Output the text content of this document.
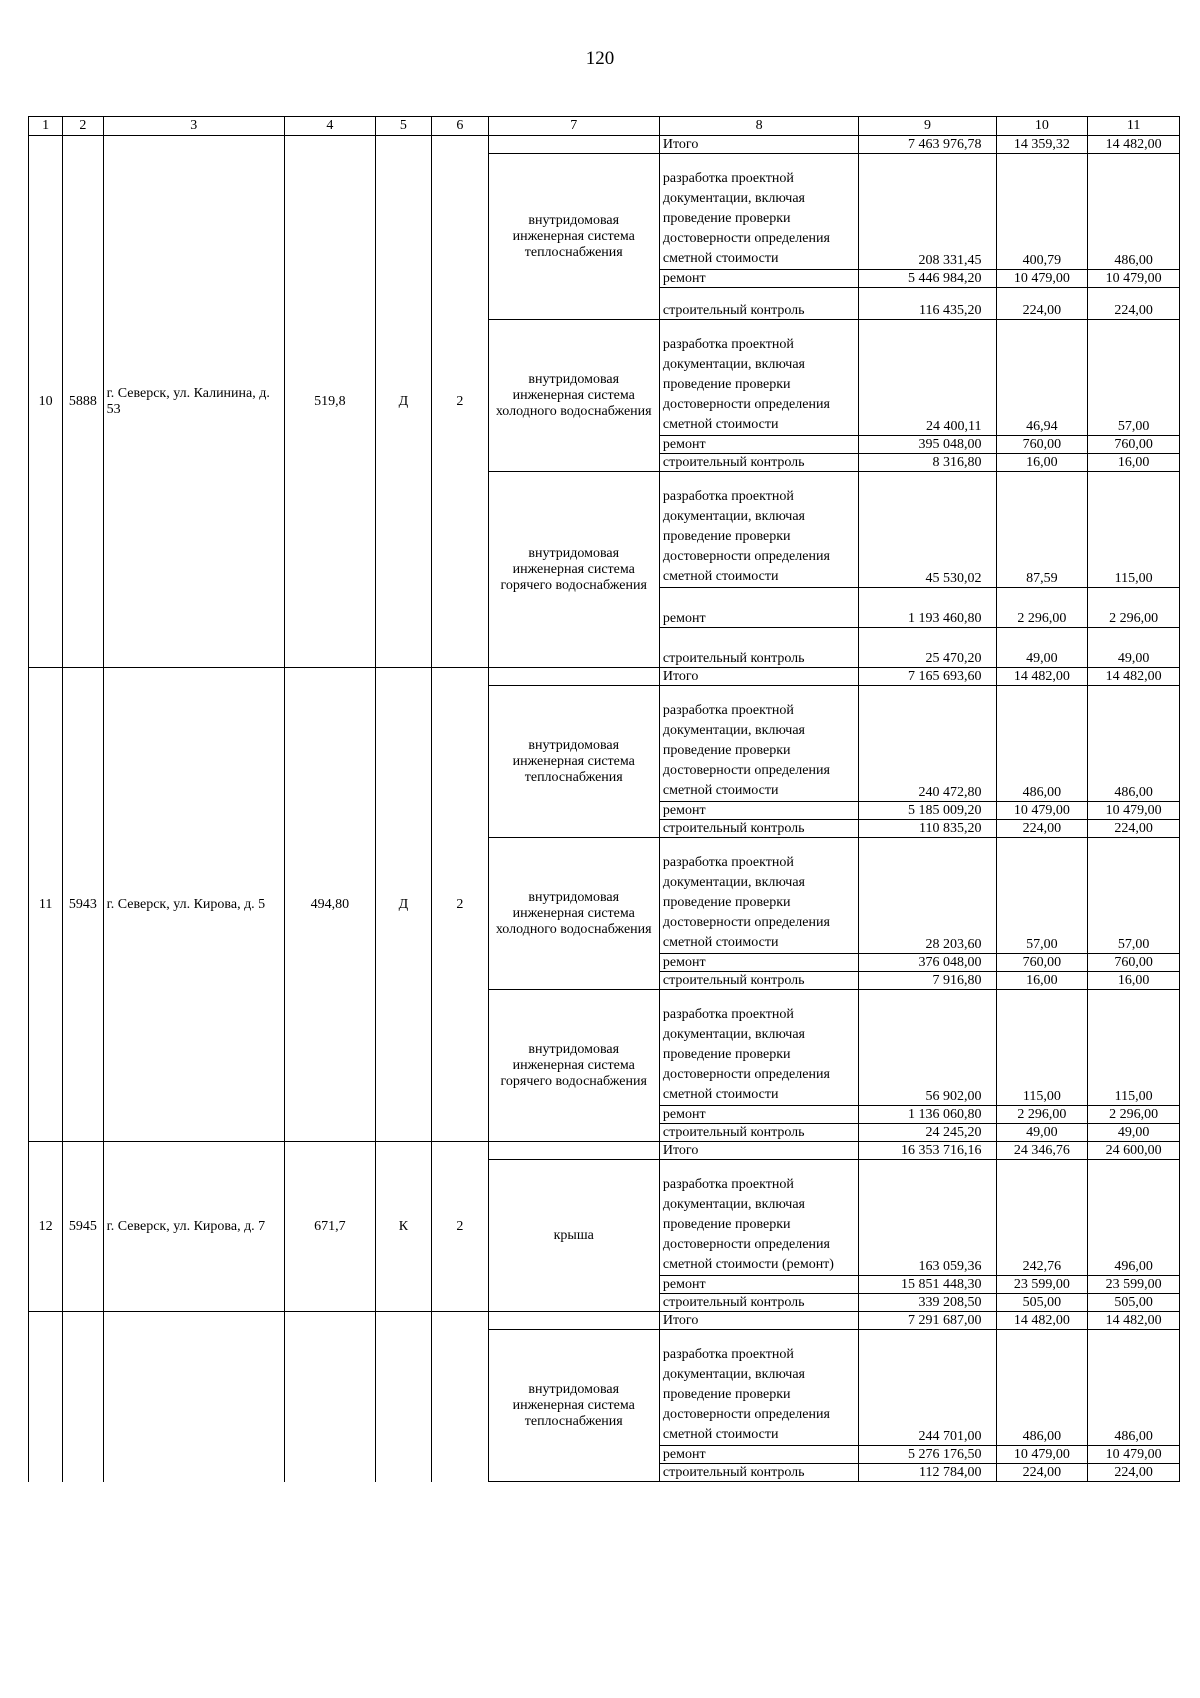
120
1	2	3	4	5	6	7	8	9	10	11
10	5888	г. Северск, ул. Калинина, д. 53	519,8	Д	2		Итого	7 463 976,78	14 359,32	14 482,00
						внутридомовая инженерная система теплоснабжения	разработка проектной документации, включая проведение проверки достоверности определения сметной стоимости	208 331,45	400,79	486,00
							ремонт	5 446 984,20	10 479,00	10 479,00
							строительный контроль	116 435,20	224,00	224,00
						внутридомовая инженерная система холодного водоснабжения	разработка проектной документации, включая проведение проверки достоверности определения сметной стоимости	24 400,11	46,94	57,00
							ремонт	395 048,00	760,00	760,00
							строительный контроль	8 316,80	16,00	16,00
						внутридомовая инженерная система горячего водоснабжения	разработка проектной документации, включая проведение проверки достоверности определения сметной стоимости	45 530,02	87,59	115,00
							ремонт	1 193 460,80	2 296,00	2 296,00
							строительный контроль	25 470,20	49,00	49,00
11	5943	г. Северск, ул. Кирова, д. 5	494,80	Д	2		Итого	7 165 693,60	14 482,00	14 482,00
						внутридомовая инженерная система теплоснабжения	разработка проектной документации, включая проведение проверки достоверности определения сметной стоимости	240 472,80	486,00	486,00
							ремонт	5 185 009,20	10 479,00	10 479,00
							строительный контроль	110 835,20	224,00	224,00
						внутридомовая инженерная система холодного водоснабжения	разработка проектной документации, включая проведение проверки достоверности определения сметной стоимости	28 203,60	57,00	57,00
							ремонт	376 048,00	760,00	760,00
							строительный контроль	7 916,80	16,00	16,00
						внутридомовая инженерная система горячего водоснабжения	разработка проектной документации, включая проведение проверки достоверности определения сметной стоимости	56 902,00	115,00	115,00
							ремонт	1 136 060,80	2 296,00	2 296,00
							строительный контроль	24 245,20	49,00	49,00
12	5945	г. Северск, ул. Кирова, д. 7	671,7	К	2		Итого	16 353 716,16	24 346,76	24 600,00
						крыша	разработка проектной документации, включая проведение проверки достоверности определения сметной стоимости (ремонт)	163 059,36	242,76	496,00
							ремонт	15 851 448,30	23 599,00	23 599,00
							строительный контроль	339 208,50	505,00	505,00
							Итого	7 291 687,00	14 482,00	14 482,00
						внутридомовая инженерная система теплоснабжения	разработка проектной документации, включая проведение проверки достоверности определения сметной стоимости	244 701,00	486,00	486,00
							ремонт	5 276 176,50	10 479,00	10 479,00
							строительный контроль	112 784,00	224,00	224,00
